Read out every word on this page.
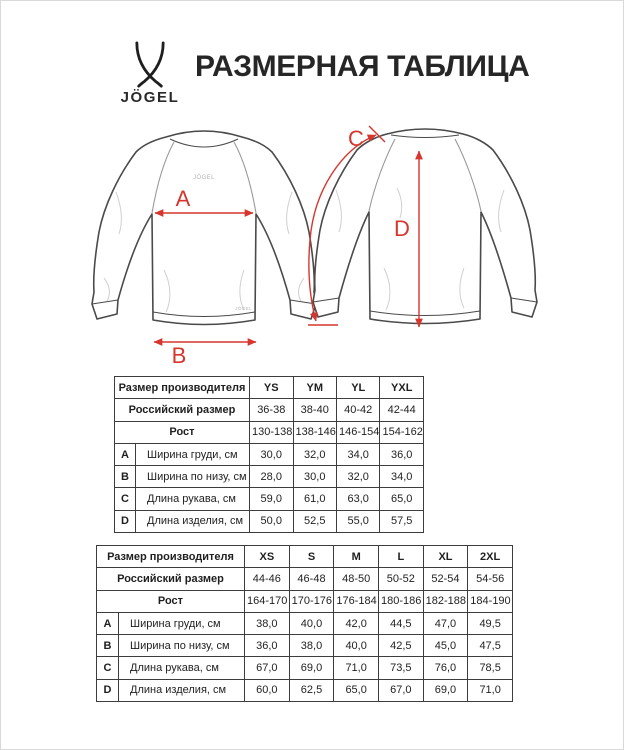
JÖGEL
РАЗМЕРНАЯ ТАБЛИЦА
JÖGEL
JÖGEL
A
B
C
D
Размер производителя		YS	YM	YL	YXL
Российский размер		36-38	38-40	40-42	42-44
Рост		130-138	138-146	146-154	154-162
A	Ширина груди, см	30,0	32,0	34,0	36,0
B	Ширина по низу, см	28,0	30,0	32,0	34,0
C	Длина рукава, см	59,0	61,0	63,0	65,0
D	Длина изделия, см	50,0	52,5	55,0	57,5
Размер производителя		XS	S	M	L	XL	2XL
Российский размер		44-46	46-48	48-50	50-52	52-54	54-56
Рост		164-170	170-176	176-184	180-186	182-188	184-190
A	Ширина груди, см	38,0	40,0	42,0	44,5	47,0	49,5
B	Ширина по низу, см	36,0	38,0	40,0	42,5	45,0	47,5
C	Длина рукава, см	67,0	69,0	71,0	73,5	76,0	78,5
D	Длина изделия, см	60,0	62,5	65,0	67,0	69,0	71,0
